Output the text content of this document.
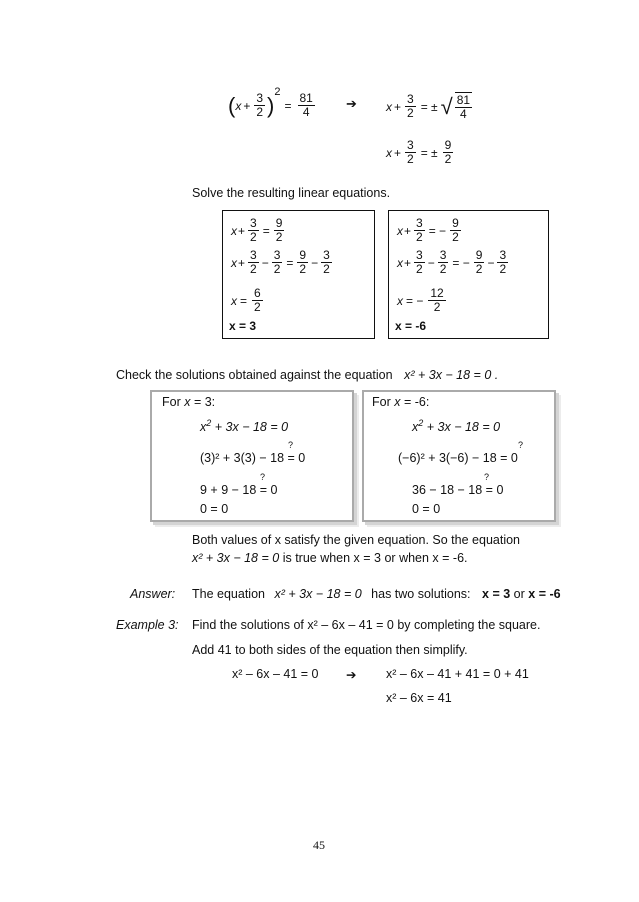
( $x + \frac{3}{2}$ )
2
= $\frac{81}{4}$ ➔ $x + \frac{3}{2}$ = ± √ $\frac{81}{4}$
$x + \frac{3}{2}$ = ± $\frac{9}{2}$
Solve the resulting linear equations.
$x + \frac{3}{2} = \frac{9}{2}$
$x + \frac{3}{2} - \frac{3}{2} = \frac{9}{2} - \frac{3}{2}$
$x = \frac{6}{2}$
x = 3
$x + \frac{3}{2}$ = − $\frac{9}{2}$
$x + \frac{3}{2} - \frac{3}{2}$ = − $\frac{9}{2} - \frac{3}{2}$
x = − $\frac{12}{2}$
x = -6
Check the solutions obtained against the equation x² + 3x − 18 = 0 .
For x = 3:
$x^2 + 3x - 18 = 0$
?
(3)² + 3(3) − 18 = 0
?
9 + 9 − 18 = 0
0 = 0
For x = -6:
$x^2 + 3x - 18 = 0$
?
(−6)² + 3(−6) − 18 = 0
?
36 − 18 − 18 = 0
0 = 0
Both values of x satisfy the given equation. So the equation
x² + 3x − 18 = 0 is true when x = 3 or when x = -6.
Answer: The equation x² + 3x − 18 = 0 has two solutions: x = 3 or x = -6
Example 3: Find the solutions of x² – 6x – 41 = 0 by completing the square.
Add 41 to both sides of the equation then simplify.
x² – 6x – 41 = 0 ➔ x² – 6x – 41 + 41 = 0 + 41
x² – 6x = 41
45
